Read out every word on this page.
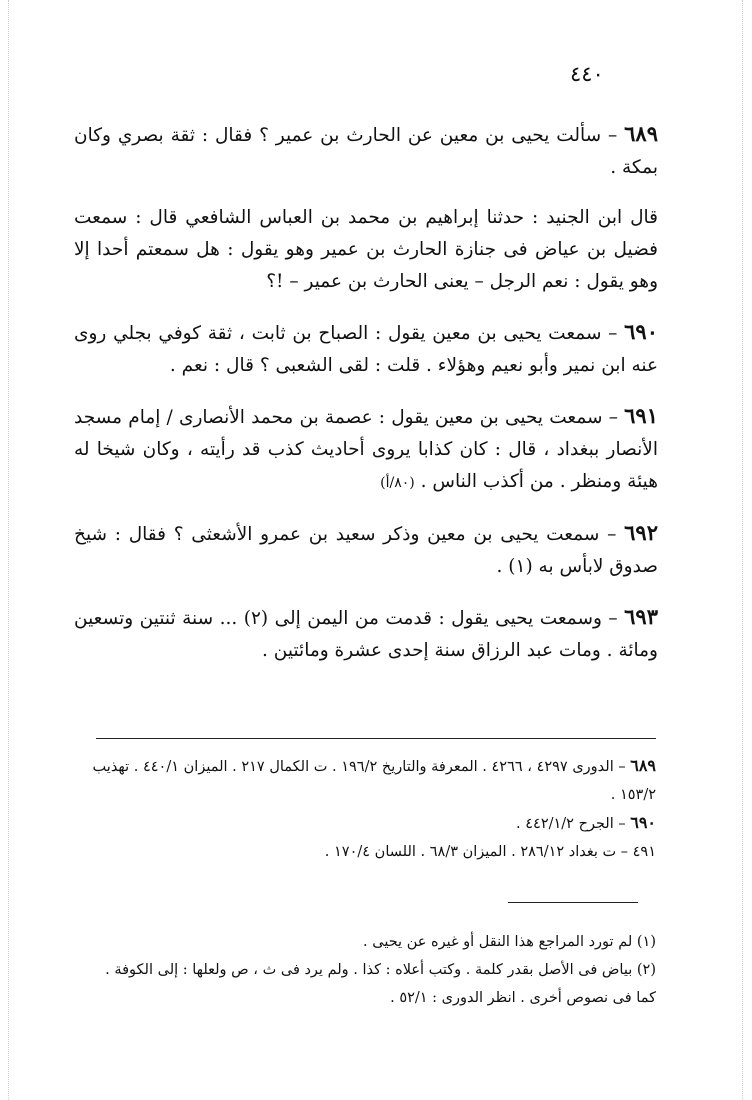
٤٤٠

٦٨٩ – سألت يحيى بن معين عن الحارث بن عمير ؟ فقال : ثقة بصري وكان بمكة .

قال ابن الجنيد : حدثنا إبراهيم بن محمد بن العباس الشافعي قال : سمعت فضيل بن عياض فى جنازة الحارث بن عمير وهو يقول : هل سمعتم أحدا إلا وهو يقول : نعم الرجل – يعنى الحارث بن عمير – !؟

٦٩٠ – سمعت يحيى بن معين يقول : الصباح بن ثابت ، ثقة كوفي بجلي روى عنه ابن نمير وأبو نعيم وهؤلاء . قلت : لقى الشعبى ؟ قال : نعم .

٦٩١ – سمعت يحيى بن معين يقول : عصمة بن محمد الأنصارى / إمام مسجد الأنصار ببغداد ، قال : كان كذابا يروى أحاديث كذب قد رأيته ، وكان شيخا له هيئة ومنظر . من أكذب الناس . (٨٠/أ)

٦٩٢ – سمعت يحيى بن معين وذكر سعيد بن عمرو الأشعثى ؟ فقال : شيخ صدوق لابأس به (١) .

٦٩٣ – وسمعت يحيى يقول : قدمت من اليمن إلى (٢) ... سنة ثنتين وتسعين ومائة . ومات عبد الرزاق سنة إحدى عشرة ومائتين .

٦٨٩ – الدورى ٤٢٩٧ ، ٤٢٦٦ . المعرفة والتاريخ ١٩٦/٢ . ت الكمال ٢١٧ . الميزان ٤٤٠/١ . تهذيب ١٥٣/٢ .

٦٩٠ – الجرح ٤٤٢/١/٢ .

٤٩١ – ت بغداد ٢٨٦/١٢ . الميزان ٦٨/٣ . اللسان ١٧٠/٤ .

(١) لم تورد المراجع هذا النقل أو غيره عن يحيى .

(٢) بياض فى الأصل بقدر كلمة . وكتب أعلاه : كذا . ولم يرد فى ث ، ص ولعلها : إلى الكوفة . كما فى نصوص أخرى . انظر الدورى : ٥٢/١ .
